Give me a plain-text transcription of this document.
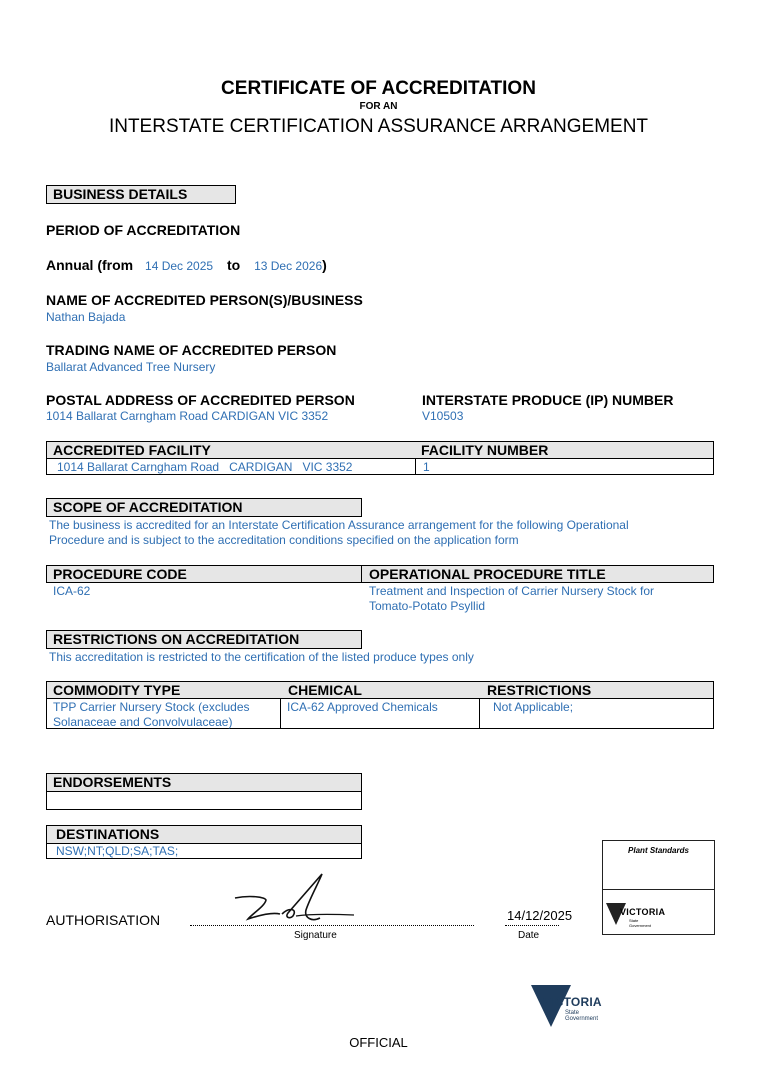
CERTIFICATE OF ACCREDITATION
FOR AN
INTERSTATE CERTIFICATION ASSURANCE ARRANGEMENT
BUSINESS DETAILS
PERIOD OF ACCREDITATION
Annual (from 14 Dec 2025 to 13 Dec 2026)
NAME OF ACCREDITED PERSON(S)/BUSINESS
Nathan Bajada
TRADING NAME OF ACCREDITED PERSON
Ballarat Advanced Tree Nursery
POSTAL ADDRESS OF ACCREDITED PERSON
1014 Ballarat Carngham Road CARDIGAN VIC 3352
INTERSTATE PRODUCE (IP) NUMBER
V10503
ACCREDITED FACILITY	FACILITY NUMBER
1014 Ballarat Carngham Road   CARDIGAN   VIC 3352	1
SCOPE OF ACCREDITATION
The business is accredited for an Interstate Certification Assurance arrangement for the following Operational
Procedure and is subject to the accreditation conditions specified on the application form
PROCEDURE CODE	OPERATIONAL PROCEDURE TITLE
ICA-62	Treatment and Inspection of Carrier Nursery Stock for
Tomato-Potato Psyllid
RESTRICTIONS ON ACCREDITATION
This accreditation is restricted to the certification of the listed produce types only
COMMODITY TYPE	CHEMICAL	RESTRICTIONS
TPP Carrier Nursery Stock (excludes
Solanaceae and Convolvulaceae)
ICA-62 Approved Chemicals	Not Applicable;
ENDORSEMENTS
DESTINATIONS
NSW;NT;QLD;SA;TAS;	Plant Standards
VICTORIA
State Government
AUTHORISATION
Signature
14/12/2025
Date
VICTORIA
State
Government
OFFICIAL
